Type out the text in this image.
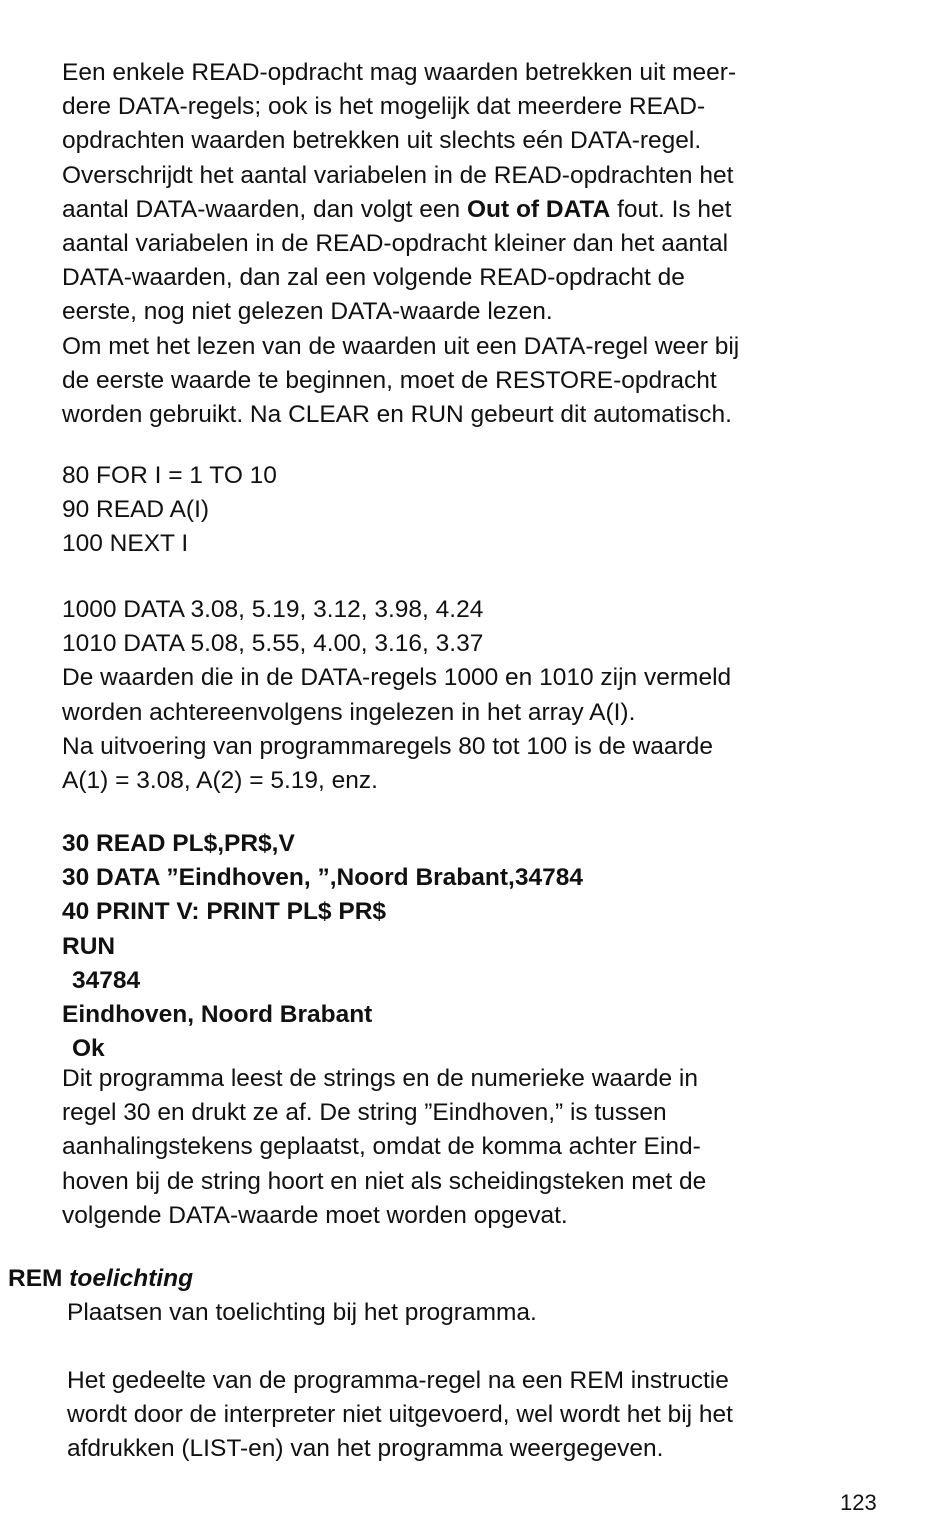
Een enkele READ-opdracht mag waarden betrekken uit meer-
dere DATA-regels; ook is het mogelijk dat meerdere READ-
opdrachten waarden betrekken uit slechts eén DATA-regel.
Overschrijdt het aantal variabelen in de READ-opdrachten het
aantal DATA-waarden, dan volgt een Out of DATA fout. Is het
aantal variabelen in de READ-opdracht kleiner dan het aantal
DATA-waarden, dan zal een volgende READ-opdracht de
eerste, nog niet gelezen DATA-waarde lezen.
Om met het lezen van de waarden uit een DATA-regel weer bij
de eerste waarde te beginnen, moet de RESTORE-opdracht
worden gebruikt. Na CLEAR en RUN gebeurt dit automatisch.
80 FOR I = 1 TO 10
90 READ A(I)
100 NEXT I
1000 DATA 3.08, 5.19, 3.12, 3.98, 4.24
1010 DATA 5.08, 5.55, 4.00, 3.16, 3.37
De waarden die in de DATA-regels 1000 en 1010 zijn vermeld
worden achtereenvolgens ingelezen in het array A(I).
Na uitvoering van programmaregels 80 tot 100 is de waarde
A(1) = 3.08, A(2) = 5.19, enz.
30 READ PL$,PR$,V
30 DATA ”Eindhoven, ”,Noord Brabant,34784
40 PRINT V: PRINT PL$ PR$
RUN
34784
Eindhoven, Noord Brabant
Ok
Dit programma leest de strings en de numerieke waarde in
regel 30 en drukt ze af. De string ”Eindhoven,” is tussen
aanhalingstekens geplaatst, omdat de komma achter Eind-
hoven bij de string hoort en niet als scheidingsteken met de
volgende DATA-waarde moet worden opgevat.
REM toelichting
Plaatsen van toelichting bij het programma.
Het gedeelte van de programma-regel na een REM instructie
wordt door de interpreter niet uitgevoerd, wel wordt het bij het
afdrukken (LIST-en) van het programma weergegeven.
123
